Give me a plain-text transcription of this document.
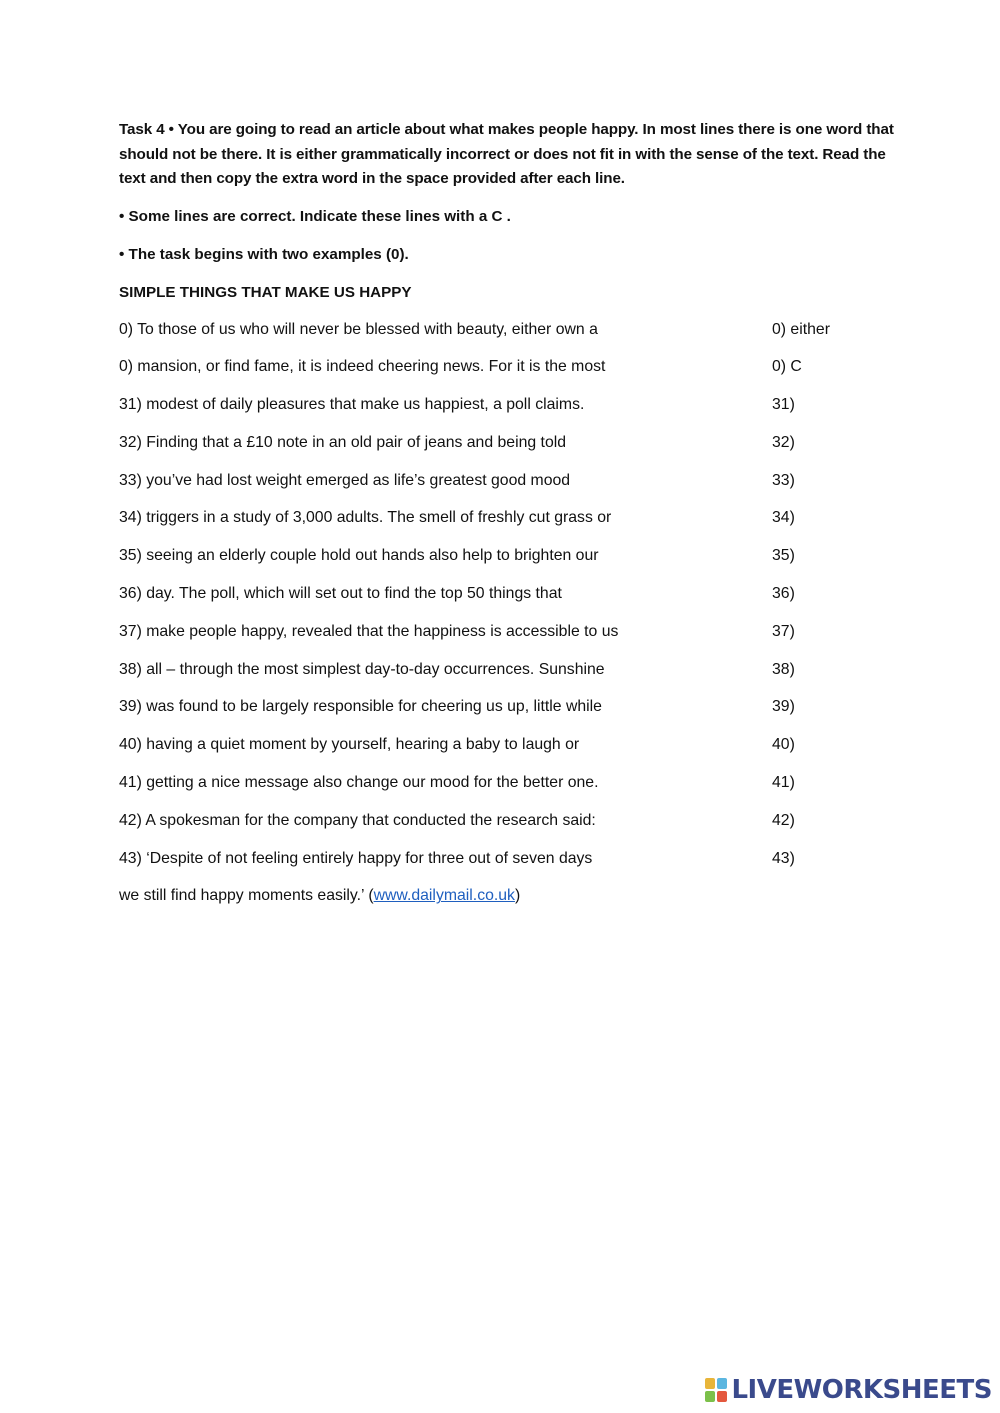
Task 4 • You are going to read an article about what makes people happy. In most lines there is one word that should not be there. It is either grammatically incorrect or does not fit in with the sense of the text. Read the text and then copy the extra word in the space provided after each line.

• Some lines are correct. Indicate these lines with a C .

• The task begins with two examples (0).

SIMPLE THINGS THAT MAKE US HAPPY

0) To those of us who will never be blessed with beauty, either own a	0) either
0) mansion, or find fame, it is indeed cheering news. For it is the most	0) C
31) modest of daily pleasures that make us happiest, a poll claims.	31)
32) Finding that a £10 note in an old pair of jeans and being told	32)
33) you’ve had lost weight emerged as life’s greatest good mood	33)
34) triggers in a study of 3,000 adults. The smell of freshly cut grass or	34)
35) seeing an elderly couple hold out hands also help to brighten our	35)
36) day. The poll, which will set out to find the top 50 things that	36)
37) make people happy, revealed that the happiness is accessible to us	37)
38) all – through the most simplest day-to-day occurrences. Sunshine	38)
39) was found to be largely responsible for cheering us up, little while	39)
40) having a quiet moment by yourself, hearing a baby to laugh or	40)
41) getting a nice message also change our mood for the better one.	41)
42) A spokesman for the company that conducted the research said:	42)
43) ‘Despite of not feeling entirely happy for three out of seven days	43)
we still find happy moments easily.’ (www.dailymail.co.uk)
LIVEWORKSHEETS
